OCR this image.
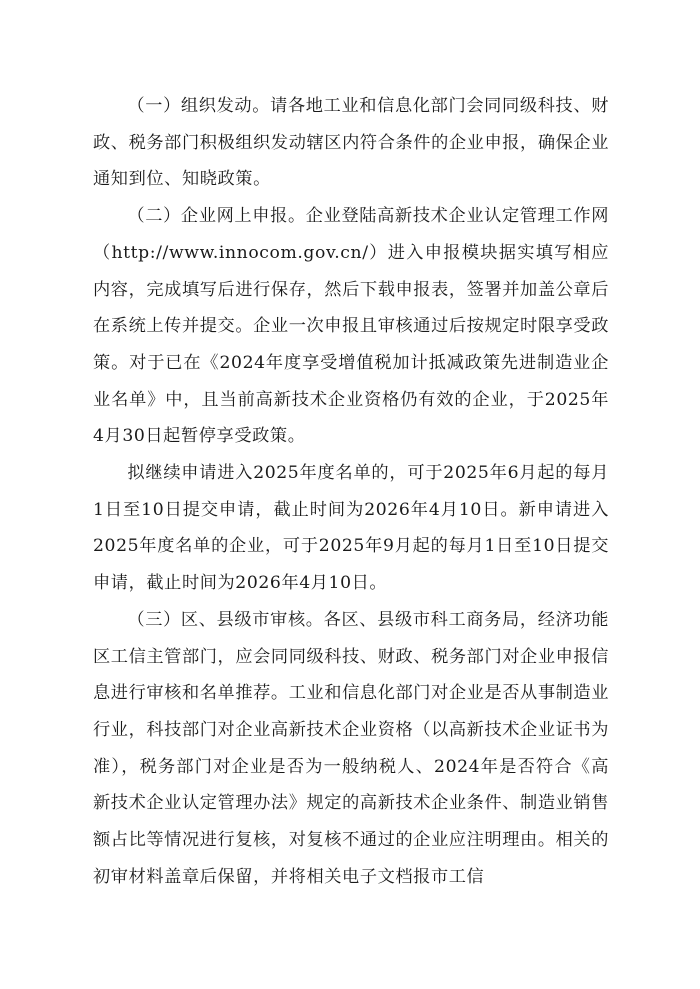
（一）组织发动。请各地工业和信息化部门会同同级科技、财政、税务部门积极组织发动辖区内符合条件的企业申报，确保企业通知到位、知晓政策。

（二）企业网上申报。企业登陆高新技术企业认定管理工作网（http://www.innocom.gov.cn/）进入申报模块据实填写相应内容，完成填写后进行保存，然后下载申报表，签署并加盖公章后在系统上传并提交。企业一次申报且审核通过后按规定时限享受政策。对于已在《2024年度享受增值税加计抵减政策先进制造业企业名单》中，且当前高新技术企业资格仍有效的企业，于2025年4月30日起暂停享受政策。

拟继续申请进入2025年度名单的，可于2025年6月起的每月1日至10日提交申请，截止时间为2026年4月10日。新申请进入2025年度名单的企业，可于2025年9月起的每月1日至10日提交申请，截止时间为2026年4月10日。

（三）区、县级市审核。各区、县级市科工商务局，经济功能区工信主管部门，应会同同级科技、财政、税务部门对企业申报信息进行审核和名单推荐。工业和信息化部门对企业是否从事制造业行业，科技部门对企业高新技术企业资格（以高新技术企业证书为准），税务部门对企业是否为一般纳税人、2024年是否符合《高新技术企业认定管理办法》规定的高新技术企业条件、制造业销售额占比等情况进行复核，对复核不通过的企业应注明理由。相关的初审材料盖章后保留，并将相关电子文档报市工信
